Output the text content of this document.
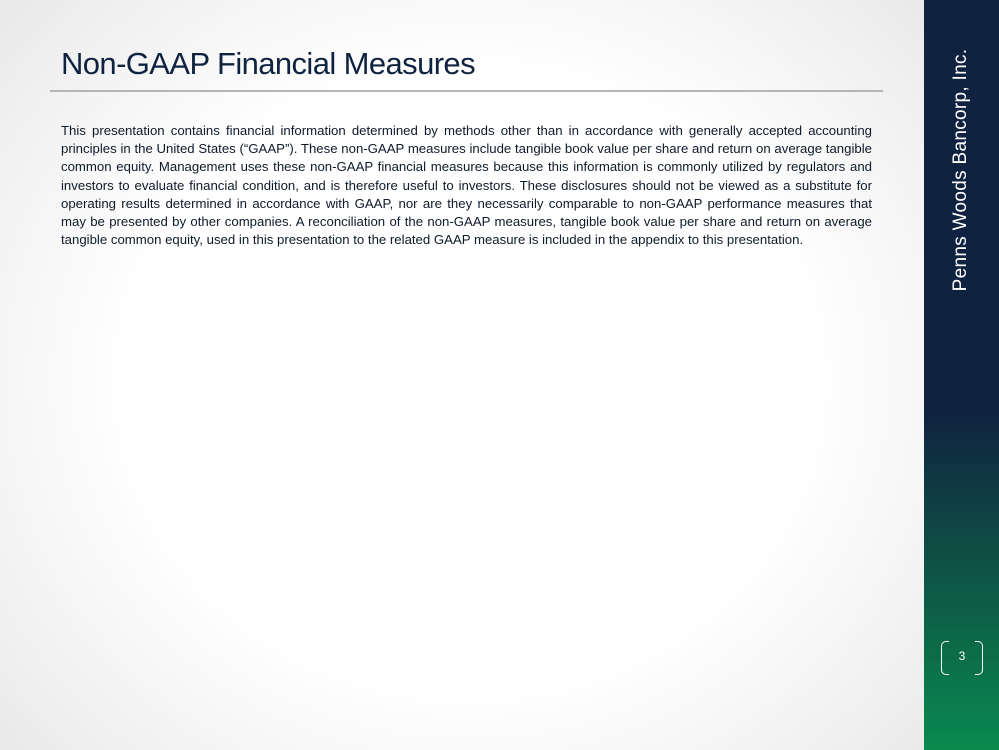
Non-GAAP Financial Measures

This presentation contains financial information determined by methods other than in accordance with generally accepted accounting principles in the United States (“GAAP”). These non-GAAP measures include tangible book value per share and return on average tangible common equity. Management uses these non-GAAP financial measures because this information is commonly utilized by regulators and investors to evaluate financial condition, and is therefore useful to investors. These disclosures should not be viewed as a substitute for operating results determined in accordance with GAAP, nor are they necessarily comparable to non-GAAP performance measures that may be presented by other companies. A reconciliation of the non-GAAP measures, tangible book value per share and return on average tangible common equity, used in this presentation to the related GAAP measure is included in the appendix to this presentation.	Penns Woods Bancorp, Inc.
3
